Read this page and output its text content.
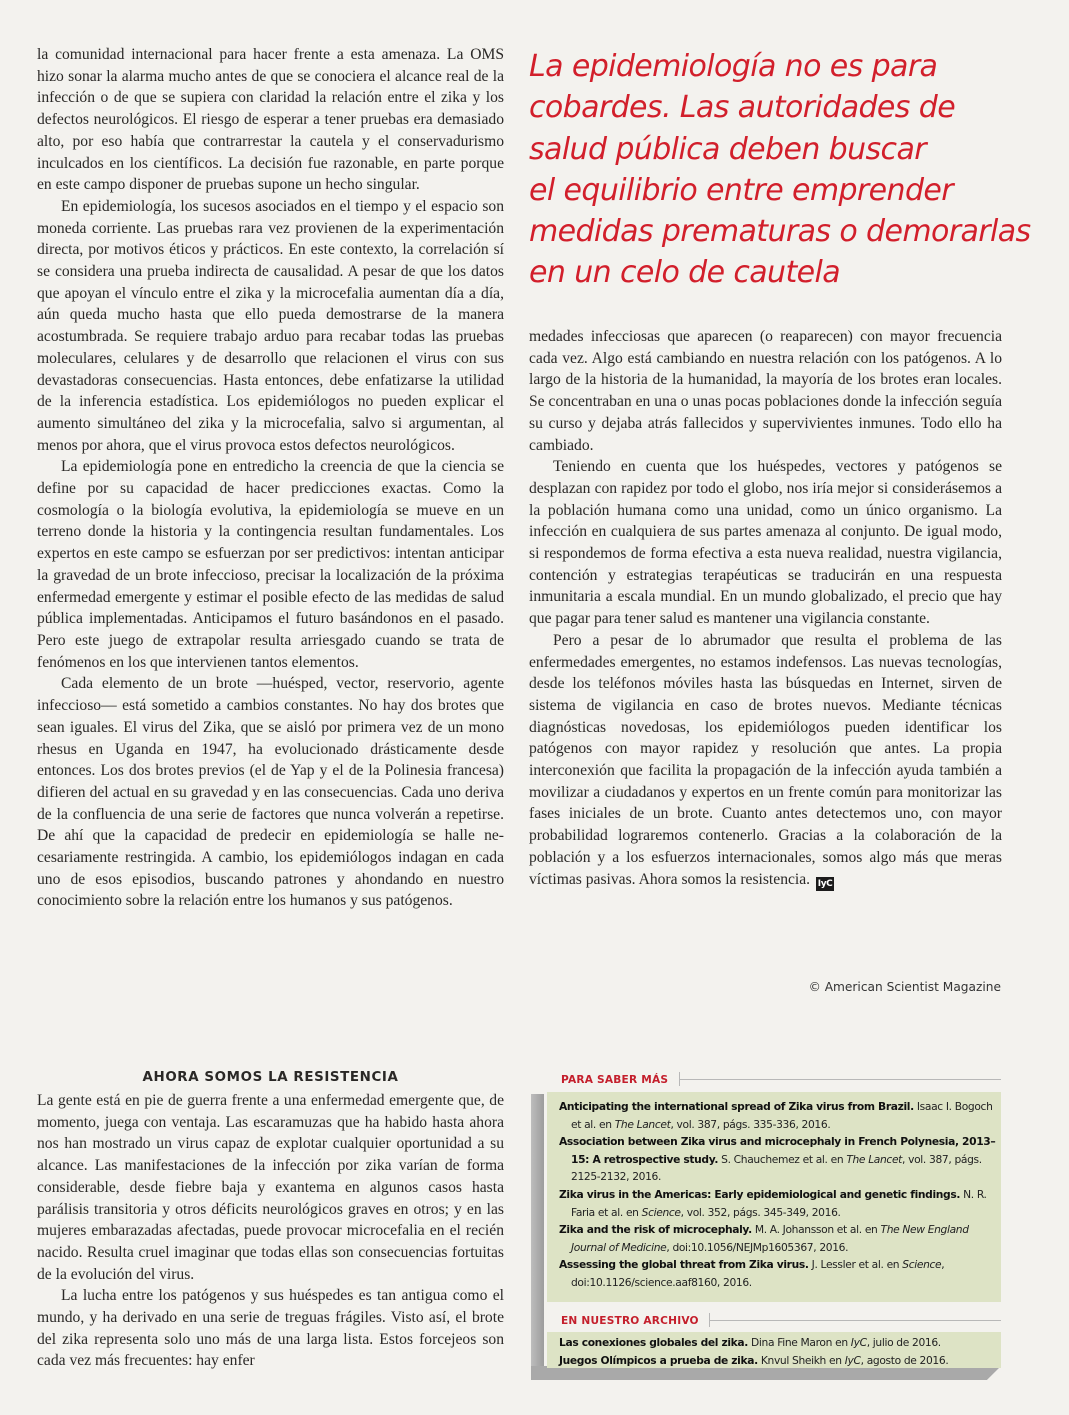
la comunidad internacional para hacer frente a esta amenaza. La OMS hizo sonar la alarma mucho antes de que se conociera el alcance real de la infección o de que se supiera con claridad la relación entre el zika y los defectos neurológicos. El riesgo de esperar a tener pruebas era demasiado alto, por eso había que contrarrestar la cautela y el conservadurismo inculcados en los científicos. La decisión fue razonable, en parte porque en este campo disponer de pruebas supone un hecho singular.

En epidemiología, los sucesos asociados en el tiempo y el espacio son moneda corriente. Las pruebas rara vez provienen de la experimentación directa, por motivos éticos y prácticos. En este contexto, la correlación sí se considera una prueba indirecta de causalidad. A pesar de que los datos que apoyan el vínculo entre el zika y la microcefalia aumentan día a día, aún queda mucho hasta que ello pueda demostrarse de la manera acostumbrada. Se requiere trabajo arduo para recabar todas las pruebas moleculares, celulares y de desarrollo que relacionen el virus con sus devastadoras consecuencias. Hasta entonces, debe enfatizarse la utilidad de la inferencia estadística. Los epidemiólogos no pueden explicar el aumento simultáneo del zika y la microcefalia, salvo si argumentan, al menos por ahora, que el virus provoca estos defectos neurológicos.

La epidemiología pone en entredicho la creencia de que la ciencia se define por su capacidad de hacer predicciones exactas. Como la cosmología o la biología evolutiva, la epidemiología se mueve en un terreno donde la historia y la contingencia resultan fundamentales. Los expertos en este campo se esfuerzan por ser predictivos: intentan anticipar la gravedad de un brote infeccioso, precisar la localización de la próxima enfermedad emergente y estimar el posible efecto de las medidas de salud pública implementadas. Anticipamos el futuro basándonos en el pasado. Pero este juego de extrapolar resulta arriesgado cuando se trata de fenómenos en los que intervienen tantos elementos.

Cada elemento de un brote —huésped, vector, reservorio, agente infeccioso— está sometido a cambios constantes. No hay dos brotes que sean iguales. El virus del Zika, que se aisló por primera vez de un mono rhesus en Uganda en 1947, ha evolucionado drásticamente desde entonces. Los dos brotes previos (el de Yap y el de la Polinesia francesa) difieren del actual en su gravedad y en las consecuencias. Cada uno deriva de la confluencia de una serie de factores que nunca volverán a repetirse. De ahí que la capacidad de predecir en epidemiología se halle necesariamente restringida. A cambio, los epidemiólogos indagan en cada uno de esos episodios, buscando patrones y ahondando en nuestro conocimiento sobre la relación entre los humanos y sus patógenos.

AHORA SOMOS LA RESISTENCIA

La gente está en pie de guerra frente a una enfermedad emergente que, de momento, juega con ventaja. Las escaramuzas que ha habido hasta ahora nos han mostrado un virus capaz de explotar cualquier oportunidad a su alcance. Las manifestaciones de la infección por zika varían de forma considerable, desde fiebre baja y exantema en algunos casos hasta parálisis transitoria y otros déficits neurológicos graves en otros; y en las mujeres embarazadas afectadas, puede provocar microcefalia en el recién nacido. Resulta cruel imaginar que todas ellas son consecuencias fortuitas de la evolución del virus.

La lucha entre los patógenos y sus huéspedes es tan antigua como el mundo, y ha derivado en una serie de treguas frágiles. Visto así, el brote del zika representa solo uno más de una larga lista. Estos forcejeos son cada vez más frecuentes: hay enfer

La epidemiología no es para
cobardes. Las autoridades de
salud pública deben buscar
el equilibrio entre emprender
medidas prematuras o demorarlas
en un celo de cautela

medades infecciosas que aparecen (o reaparecen) con mayor frecuencia cada vez. Algo está cambiando en nuestra relación con los patógenos. A lo largo de la historia de la humanidad, la mayoría de los brotes eran locales. Se concentraban en una o unas pocas poblaciones donde la infección seguía su curso y dejaba atrás fallecidos y supervivientes inmunes. Todo ello ha cambiado.

Teniendo en cuenta que los huéspedes, vectores y patógenos se desplazan con rapidez por todo el globo, nos iría mejor si considerásemos a la población humana como una unidad, como un único organismo. La infección en cualquiera de sus partes amenaza al conjunto. De igual modo, si respondemos de forma efectiva a esta nueva realidad, nuestra vigilancia, contención y estrategias terapéuticas se traducirán en una respuesta inmunitaria a escala mundial. En un mundo globalizado, el precio que hay que pagar para tener salud es mantener una vigilancia constante.

Pero a pesar de lo abrumador que resulta el problema de las enfermedades emergentes, no estamos indefensos. Las nuevas tecnologías, desde los teléfonos móviles hasta las búsquedas en Internet, sirven de sistema de vigilancia en caso de brotes nuevos. Mediante técnicas diagnósticas novedosas, los epidemiólogos pueden identificar los patógenos con mayor rapidez y resolución que antes. La propia interconexión que facilita la propagación de la infección ayuda también a movilizar a ciudadanos y expertos en un frente común para monitorizar las fases iniciales de un brote. Cuanto antes detectemos uno, con mayor probabilidad lograremos contenerlo. Gracias a la colaboración de la población y a los esfuerzos internacionales, somos algo más que meras víctimas pasivas. Ahora somos la resistencia. IyC

© American Scientist Magazine
PARA SABER MÁS
Anticipating the international spread of Zika virus from Brazil. Isaac I. Bogoch et al. en The Lancet, vol. 387, págs. 335-336, 2016.
Association between Zika virus and microcephaly in French Polynesia, 2013–15: A retrospective study. S. Chauchemez et al. en The Lancet, vol. 387, págs. 2125-2132, 2016.
Zika virus in the Americas: Early epidemiological and genetic findings. N. R. Faria et al. en Science, vol. 352, págs. 345-349, 2016.
Zika and the risk of microcephaly. M. A. Johansson et al. en The New England Journal of Medicine, doi:10.1056/NEJMp1605367, 2016.
Assessing the global threat from Zika virus. J. Lessler et al. en Science, doi:10.1126/science.aaf8160, 2016.
EN NUESTRO ARCHIVO
Las conexiones globales del zika. Dina Fine Maron en IyC, julio de 2016.
Juegos Olímpicos a prueba de zika. Knvul Sheikh en IyC, agosto de 2016.
